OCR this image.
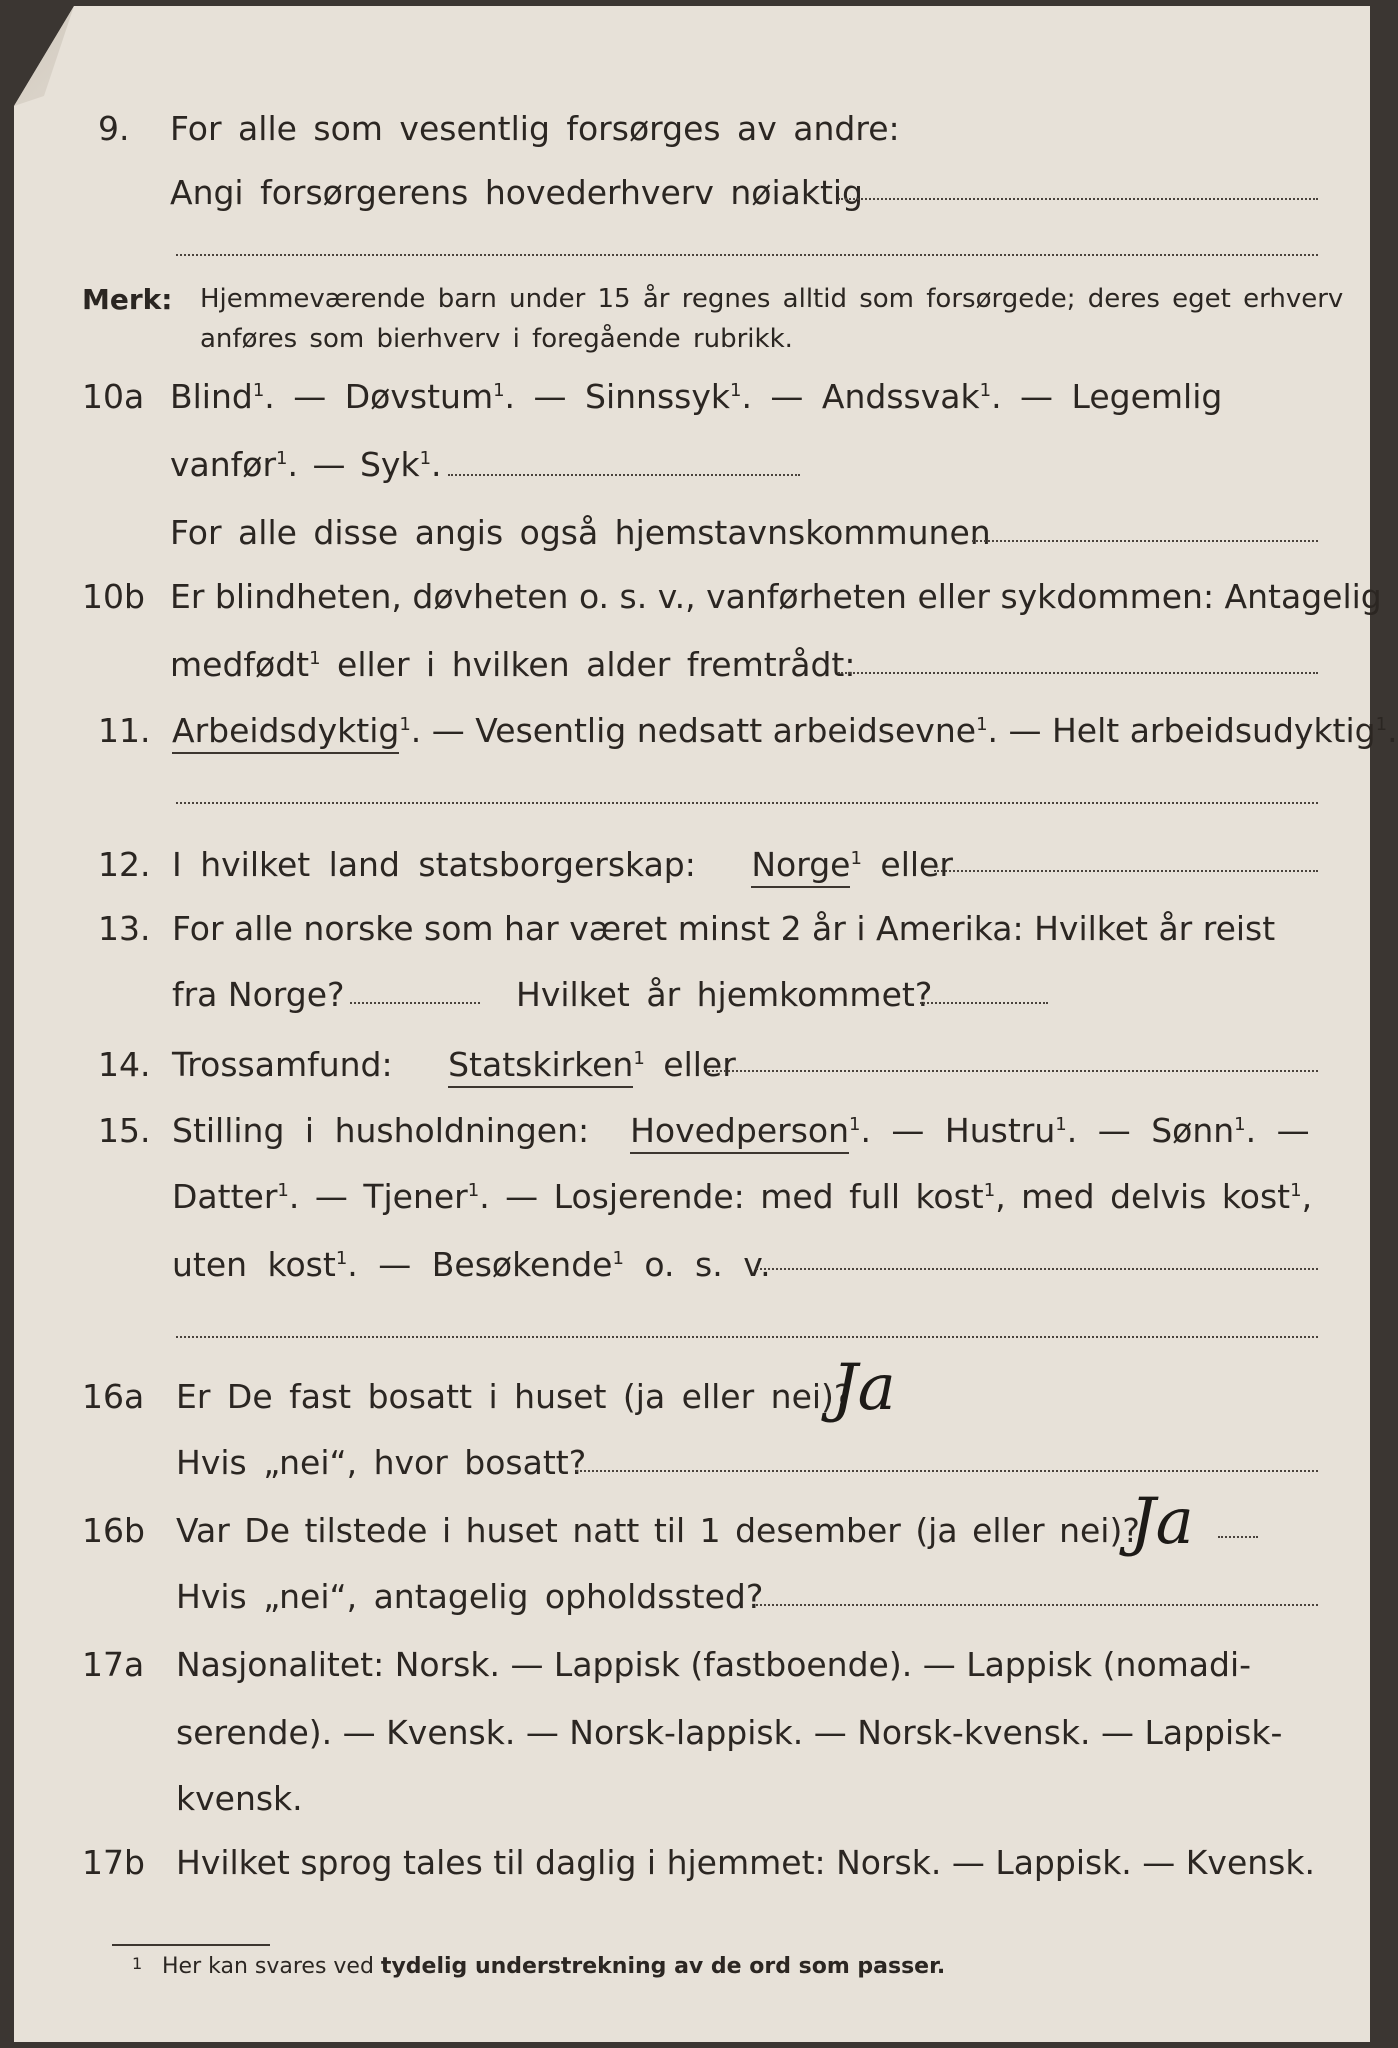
9. For alle som vesentlig forsørges av andre:
Angi forsørgerens hovederhverv nøiaktig
Merk: Hjemmeværende barn under 15 år regnes alltid som forsørgede; deres eget erhverv
anføres som bierhverv i foregående rubrikk.
10a Blind$^1$. — Døvstum$^1$. — Sinnssyk$^1$. — Andssvak$^1$. — Legemlig
vanfør$^1$. — Syk$^1$.
For alle disse angis også hjemstavnskommunen
10b Er blindheten, døvheten o. s. v., vanførheten eller sykdommen: Antagelig
medfødt$^1$ eller i hvilken alder fremtrådt:
11. Arbeidsdyktig$^1$. — Vesentlig nedsatt arbeidsevne$^1$. — Helt arbeidsudyktig$^1$.
12. I hvilket land statsborgerskap: Norge$^1$ eller
13. For alle norske som har været minst 2 år i Amerika: Hvilket år reist
fra Norge?	Hvilket år hjemkommet?
14. Trossamfund: Statskirken$^1$ eller
15. Stilling i husholdningen: Hovedperson$^1$. — Hustru$^1$. — Sønn$^1$. —
Datter$^1$. — Tjener$^1$. — Losjerende: med full kost$^1$, med delvis kost$^1$,
uten kost$^1$. — Besøkende$^1$ o. s. v.
16a Er De fast bosatt i huset (ja eller nei)?
Ja
Hvis „nei“, hvor bosatt?
16b Var De tilstede i huset natt til 1 desember (ja eller nei)?
Ja
Hvis „nei“, antagelig opholdssted?
17a Nasjonalitet: Norsk. — Lappisk (fastboende). — Lappisk (nomadi-
serende). — Kvensk. — Norsk-lappisk. — Norsk-kvensk. — Lappisk-
kvensk.
17b Hvilket sprog tales til daglig i hjemmet: Norsk. — Lappisk. — Kvensk.
1 Her kan svares ved tydelig understrekning av de ord som passer.
